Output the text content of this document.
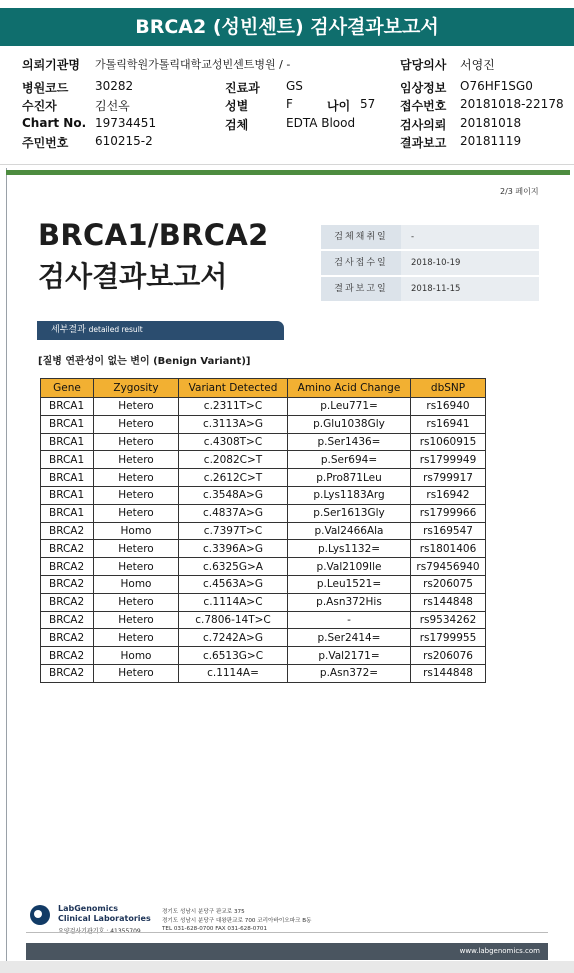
BRCA2 (성빈센트) 검사결과보고서
의뢰기관명 가톨릭학원가톨릭대학교성빈센트병원 / -	담당의사 서영진
병원코드 30282	진료과 GS	임상정보 O76HF1SG0
수진자	김선옥	성별	F	나이 57 접수번호 20181018-22178
Chart No. 19734451	검체	EDTA Blood	검사의뢰 20181018
주민번호 610215-2	결과보고 20181119
2/3 페이지
BRCA1/BRCA2
검사결과보고서
검체채취일	-
검사접수일	2018-10-19
결과보고일	2018-11-15
세부결과 detailed result
[질병 연관성이 없는 변이 (Benign Variant)]
Gene	Zygosity	Variant Detected	Amino Acid Change	dbSNP
BRCA1	Hetero	c.2311T>C	p.Leu771=	rs16940
BRCA1	Hetero	c.3113A>G	p.Glu1038Gly	rs16941
BRCA1	Hetero	c.4308T>C	p.Ser1436=	rs1060915
BRCA1	Hetero	c.2082C>T	p.Ser694=	rs1799949
BRCA1	Hetero	c.2612C>T	p.Pro871Leu	rs799917
BRCA1	Hetero	c.3548A>G	p.Lys1183Arg	rs16942
BRCA1	Hetero	c.4837A>G	p.Ser1613Gly	rs1799966
BRCA2	Homo	c.7397T>C	p.Val2466Ala	rs169547
BRCA2	Hetero	c.3396A>G	p.Lys1132=	rs1801406
BRCA2	Hetero	c.6325G>A	p.Val2109Ile	rs79456940
BRCA2	Homo	c.4563A>G	p.Leu1521=	rs206075
BRCA2	Hetero	c.1114A>C	p.Asn372His	rs144848
BRCA2	Hetero	c.7806-14T>C	-	rs9534262
BRCA2	Hetero	c.7242A>G	p.Ser2414=	rs1799955
BRCA2	Homo	c.6513G>C	p.Val2171=	rs206076
BRCA2	Hetero	c.1114A=	p.Asn372=	rs144848
LabGenomics
Clinical Laboratories
경기도 성남시 분당구 판교로 375
경기도 성남시 분당구 대왕판교로 700 코리아바이오파크 B동
TEL 031-628-0700 FAX 031-628-0701
www.labgenomics.com
